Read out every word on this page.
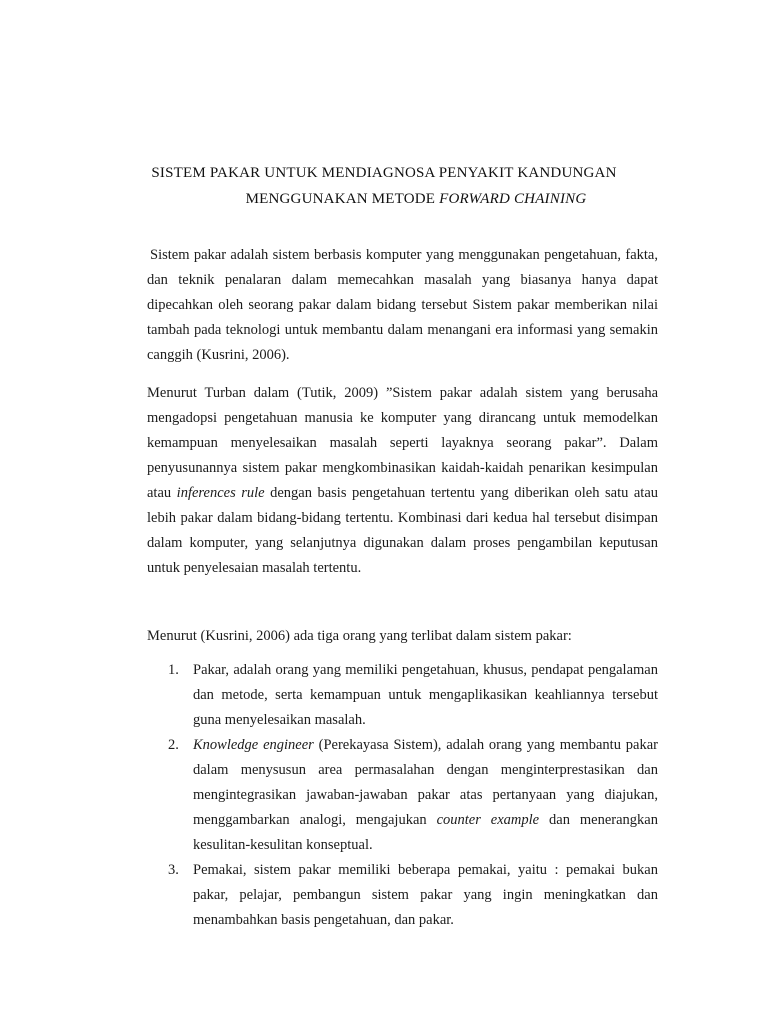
SISTEM PAKAR UNTUK MENDIAGNOSA PENYAKIT KANDUNGAN
MENGGUNAKAN METODE FORWARD CHAINING

Sistem pakar adalah sistem berbasis komputer yang menggunakan pengetahuan, fakta, dan teknik penalaran dalam memecahkan masalah yang biasanya hanya dapat dipecahkan oleh seorang pakar dalam bidang tersebut Sistem pakar memberikan nilai tambah pada teknologi untuk membantu dalam menangani era informasi yang semakin canggih (Kusrini, 2006).

Menurut Turban dalam (Tutik, 2009) ”Sistem pakar adalah sistem yang berusaha mengadopsi pengetahuan manusia ke komputer yang dirancang untuk memodelkan kemampuan menyelesaikan masalah seperti layaknya seorang pakar”. Dalam penyusunannya sistem pakar mengkombinasikan kaidah-kaidah penarikan kesimpulan atau inferences rule dengan basis pengetahuan tertentu yang diberikan oleh satu atau lebih pakar dalam bidang-bidang tertentu. Kombinasi dari kedua hal tersebut disimpan dalam komputer, yang selanjutnya digunakan dalam proses pengambilan keputusan untuk penyelesaian masalah tertentu.

Menurut (Kusrini, 2006) ada tiga orang yang terlibat dalam sistem pakar:

1. Pakar, adalah orang yang memiliki pengetahuan, khusus, pendapat pengalaman dan metode, serta kemampuan untuk mengaplikasikan keahliannya tersebut guna menyelesaikan masalah.
2. Knowledge engineer (Perekayasa Sistem), adalah orang yang membantu pakar dalam menysusun area permasalahan dengan menginterprestasikan dan mengintegrasikan jawaban-jawaban pakar atas pertanyaan yang diajukan, menggambarkan analogi, mengajukan counter example dan menerangkan kesulitan-kesulitan konseptual.
3. Pemakai, sistem pakar memiliki beberapa pemakai, yaitu : pemakai bukan pakar, pelajar, pembangun sistem pakar yang ingin meningkatkan dan menambahkan basis pengetahuan, dan pakar.
